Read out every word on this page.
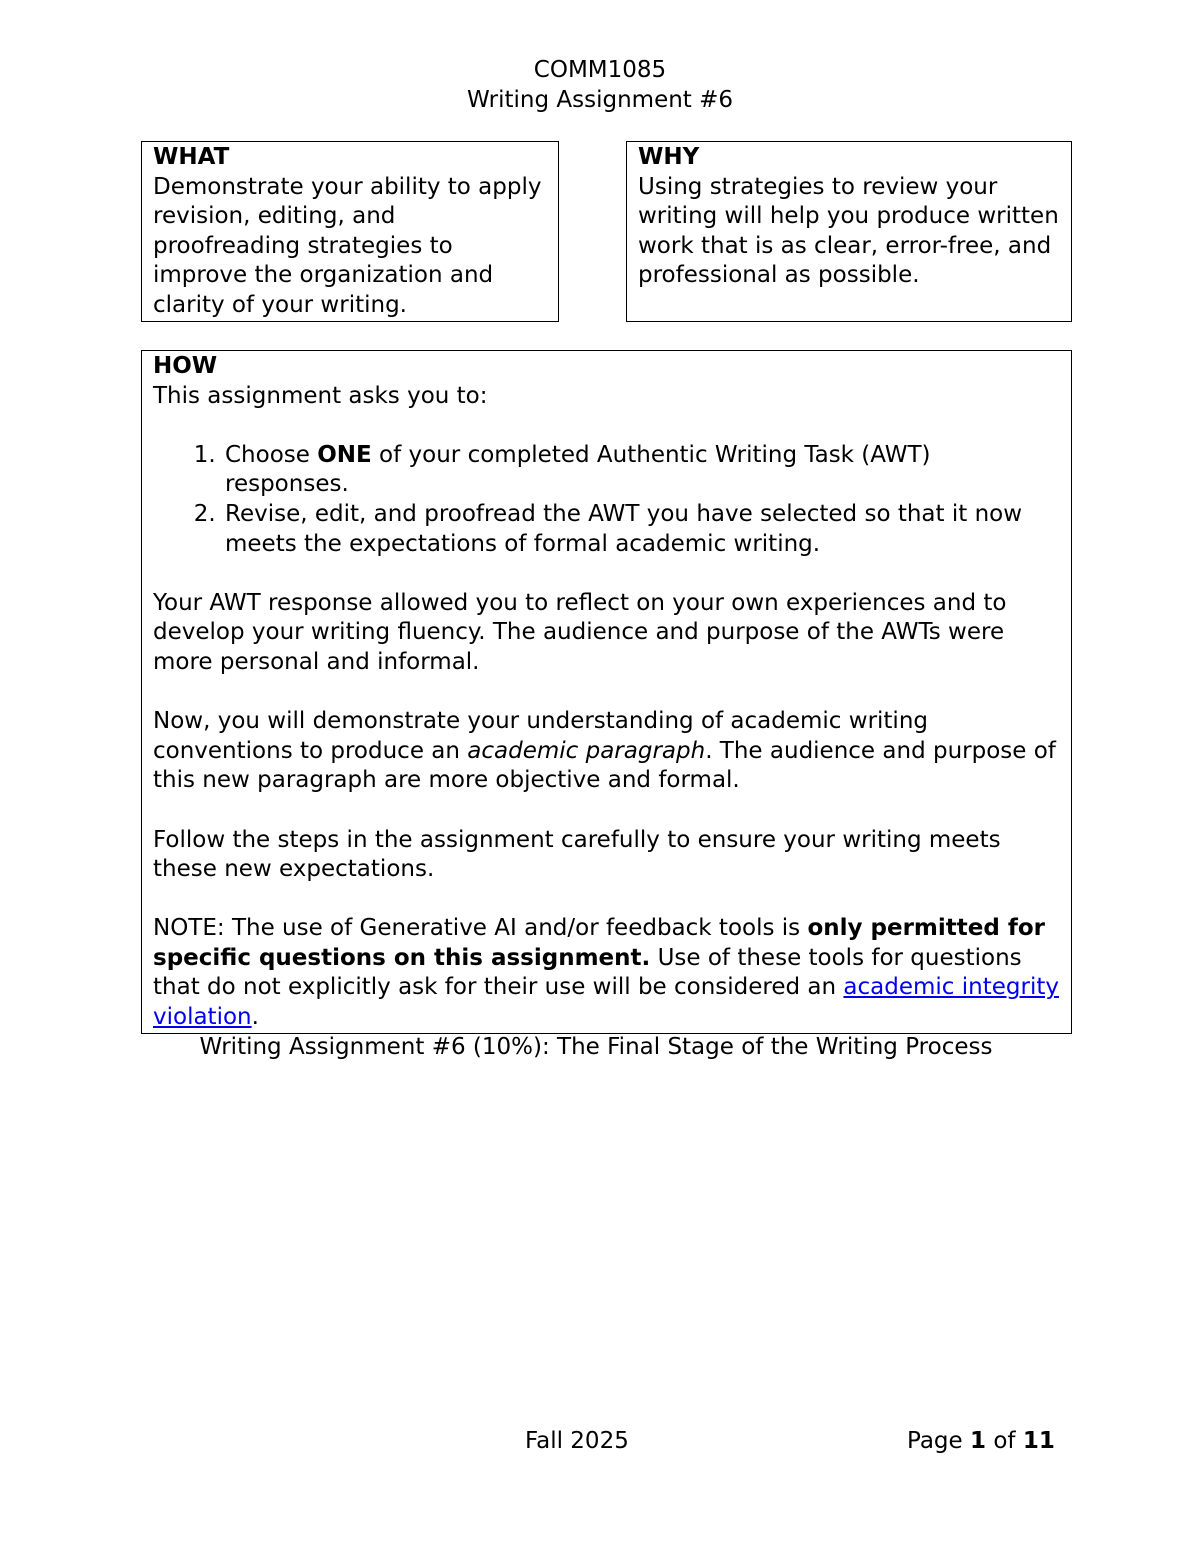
COMM1085
Writing Assignment #6
WHAT
Demonstrate your ability to apply revision, editing, and proofreading strategies to improve the organization and clarity of your writing.
WHY
Using strategies to review your writing will help you produce written work that is as clear, error-free, and professional as possible.
HOW
This assignment asks you to:
1. Choose ONE of your completed Authentic Writing Task (AWT) responses.
2. Revise, edit, and proofread the AWT you have selected so that it now meets the expectations of formal academic writing.
Your AWT response allowed you to reflect on your own experiences and to develop your writing fluency. The audience and purpose of the AWTs were more personal and informal.
Now, you will demonstrate your understanding of academic writing conventions to produce an academic paragraph. The audience and purpose of this new paragraph are more objective and formal.
Follow the steps in the assignment carefully to ensure your writing meets these new expectations.
NOTE: The use of Generative AI and/or feedback tools is only permitted for specific questions on this assignment. Use of these tools for questions that do not explicitly ask for their use will be considered an academic integrity violation.
Writing Assignment #6 (10%): The Final Stage of the Writing Process
Fall 2025	Page 1 of 11
